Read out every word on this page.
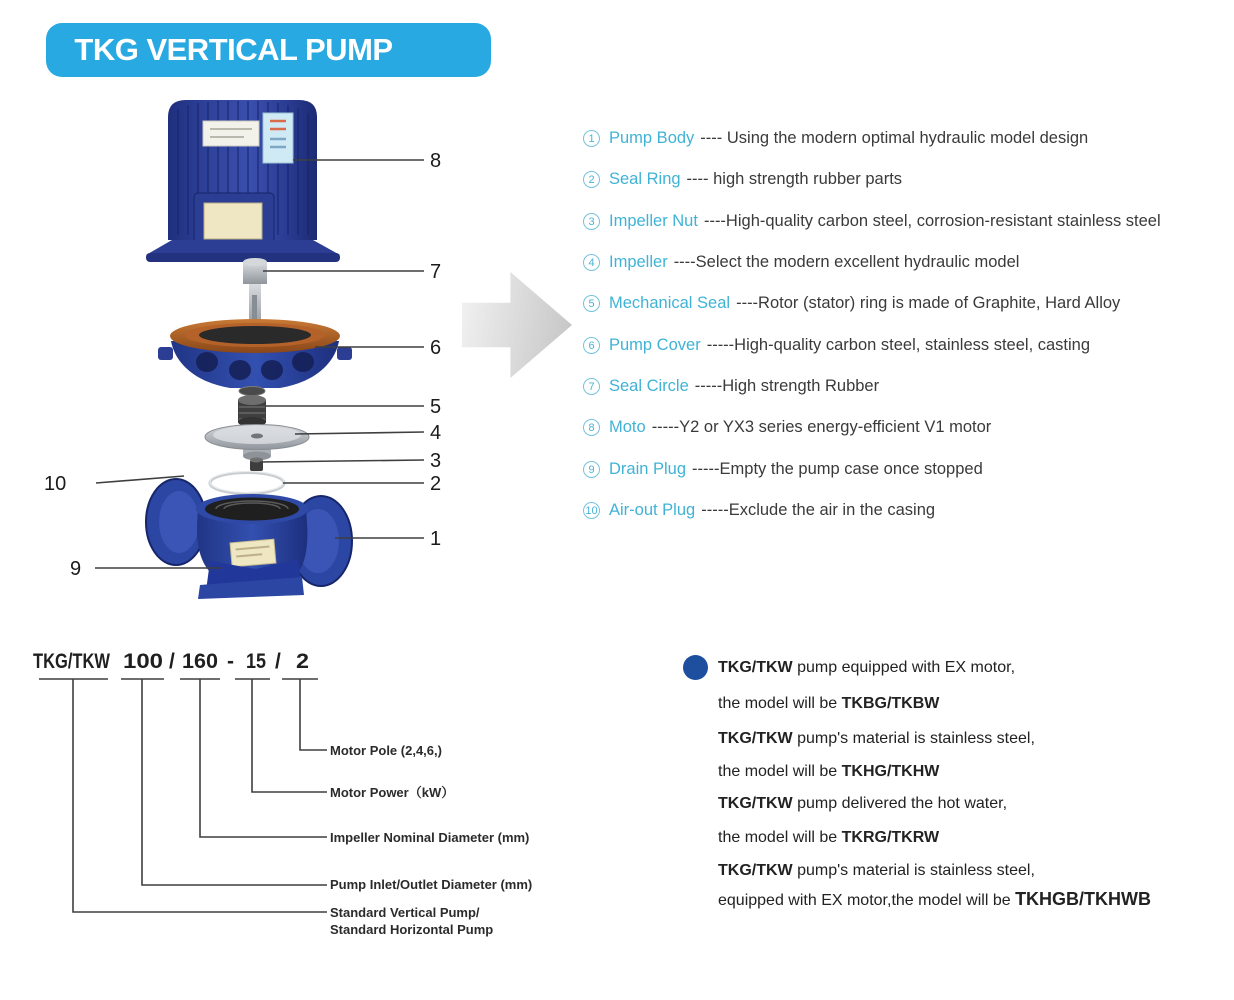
TKG VERTICAL PUMP
8
7
6
5
4
3
2
1
10
9
1 Pump Body ---- Using the modern optimal hydraulic model design
2 Seal Ring ---- high strength rubber parts
3 Impeller Nut ----High-quality carbon steel, corrosion-resistant stainless steel
4 Impeller ----Select the modern excellent hydraulic model
5 Mechanical Seal ----Rotor (stator) ring is made of Graphite, Hard Alloy
6 Pump Cover -----High-quality carbon steel, stainless steel, casting
7 Seal Circle -----High strength Rubber
8 Moto -----Y2 or YX3 series energy-efficient V1 motor
9 Drain Plug -----Empty the pump case once stopped
10 Air-out Plug -----Exclude the air in the casing
TKG/TKW 100 / 160 - 15 / 2
Motor Pole (2,4,6,)
Motor Power（kW）
Impeller Nominal Diameter (mm)
Pump Inlet/Outlet Diameter (mm)
Standard Vertical Pump/
Standard Horizontal Pump
TKG/TKW pump equipped with EX motor,
the model will be TKBG/TKBW
TKG/TKW pump's material is stainless steel,
the model will be TKHG/TKHW
TKG/TKW pump delivered the hot water,
the model will be TKRG/TKRW
TKG/TKW pump's material is stainless steel,
equipped with EX motor,the model will be TKHGB/TKHWB
